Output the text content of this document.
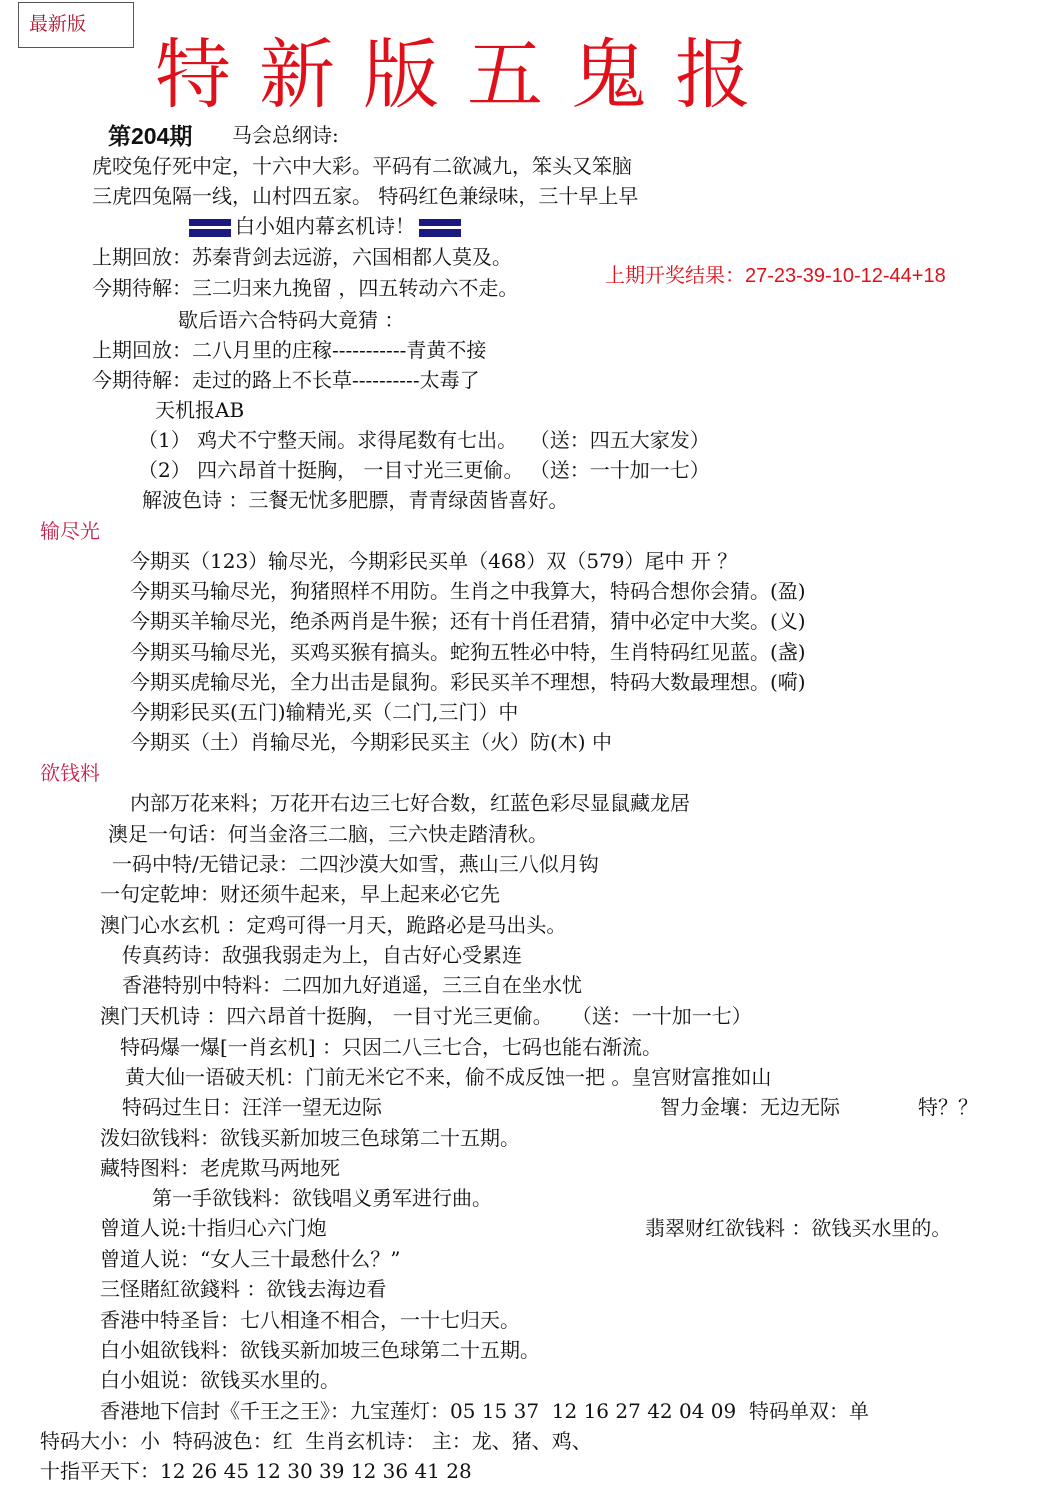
最新版
特新版五鬼报
第204期 马会总纲诗:
虎咬兔仔死中定，十六中大彩。平码有二欲减九，笨头又笨脑
三虎四兔隔一线，山村四五家。 特码红色兼绿味，三十早上早
白小姐内幕玄机诗！
上期回放：苏秦背剑去远游，六国相都人莫及。
今期待解：三二归来九挽留 ，四五转动六不走。	上期开奖结果：27-23-39-10-12-44+18
歇后语六合特码大竟猜 ：
上期回放：二八月里的庄稼-----------青黄不接
今期待解：走过的路上不长草----------太毒了
天机报AB
（1） 鸡犬不宁整天闹。求得尾数有七出。  （送：四五大家发）
（2） 四六昂首十挺胸， 一目寸光三更偷。 （送：一十加一七）
解波色诗 ：三餐无忧多肥膘，青青绿茵皆喜好。
输尽光
今期买（123）输尽光，今期彩民买单（468）双（579）尾中 开 ？
今期买马输尽光，狗猪照样不用防。生肖之中我算大，特码合想你会猜。(盈)
今期买羊输尽光，绝杀两肖是牛猴；还有十肖任君猜，猜中必定中大奖。(义)
今期买马输尽光，买鸡买猴有搞头。蛇狗五牲必中特，生肖特码红见蓝。(盏)
今期买虎输尽光，全力出击是鼠狗。彩民买羊不理想，特码大数最理想。(嗬)
今期彩民买(五门)输精光,买（二门,三门）中
今期买（土）肖输尽光，今期彩民买主（火）防(木) 中
欲钱料
内部万花来料；万花开右边三七好合数，红蓝色彩尽显鼠藏龙居
澳足一句话：何当金洛三二脑，三六快走踏清秋。
一码中特/无错记录：二四沙漠大如雪，燕山三八似月钩
一句定乾坤：财还须牛起来，早上起来必它先
澳门心水玄机 ：定鸡可得一月天，跪路必是马出头。
传真药诗：敌强我弱走为上，自古好心受累连
香港特别中特料：二四加九好逍遥，三三自在坐水忧
澳门天机诗 ：四六昂首十挺胸， 一目寸光三更偷。   （送：一十加一七）
特码爆一爆[一肖玄机] ：只因二八三七合，七码也能右渐流。
黄大仙一语破天机：门前无米它不来，偷不成反蚀一把 。皇宫财富推如山
特码过生日：汪洋一望无边际	智力金壤：无边无际	特？？
泼妇欲钱料：欲钱买新加坡三色球第二十五期。
藏特图料：老虎欺马两地死
第一手欲钱料：欲钱唱义勇军进行曲。
曾道人说:十指归心六门炮	翡翠财红欲钱料 ：欲钱买水里的。
曾道人说：“女人三十最愁什么？”
三怪賭紅欲錢料 ：欲钱去海边看
香港中特圣旨：七八相逢不相合，一十七归天。
白小姐欲钱料：欲钱买新加坡三色球第二十五期。
白小姐说：欲钱买水里的。
香港地下信封《千王之王》：九宝莲灯：05 15 37  12 16 27 42 04 09  特码单双：单
特码大小：小  特码波色：红  生肖玄机诗： 主：龙、猪、鸡、
十指平天下：12 26 45 12 30 39 12 36 41 28
